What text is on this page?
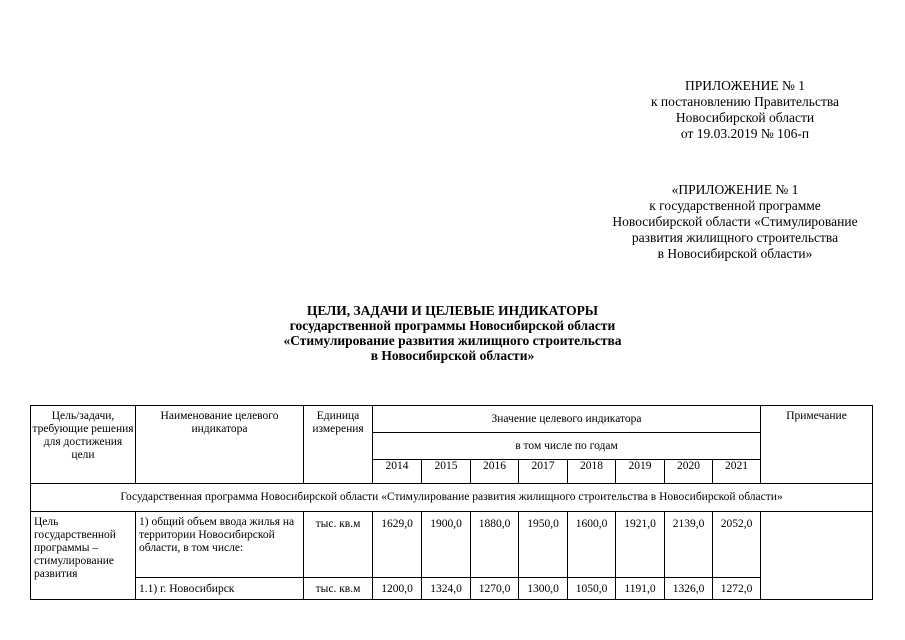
ПРИЛОЖЕНИЕ № 1
к постановлению Правительства
Новосибирской области
от 19.03.2019 № 106-п
«ПРИЛОЖЕНИЕ № 1
к государственной программе
Новосибирской области «Стимулирование
развития жилищного строительства
в Новосибирской области»
ЦЕЛИ, ЗАДАЧИ И ЦЕЛЕВЫЕ ИНДИКАТОРЫ
государственной программы Новосибирской области
«Стимулирование развития жилищного строительства
в Новосибирской области»
Цель/задачи, требующие решения для достижения цели	Наименование целевого индикатора	Единица измерения	Значение целевого индикатора								Примечание
			в том числе по годам								
			2014	2015	2016	2017	2018	2019	2020	2021	
Государственная программа Новосибирской области «Стимулирование развития жилищного строительства в Новосибирской области»											
Цель государственной программы – стимулирование развития	1) общий объем ввода жилья на территории Новосибирской области, в том числе:	тыс. кв.м	1629,0	1900,0	1880,0	1950,0	1600,0	1921,0	2139,0	2052,0	
	1.1) г. Новосибирск	тыс. кв.м	1200,0	1324,0	1270,0	1300,0	1050,0	1191,0	1326,0	1272,0	
